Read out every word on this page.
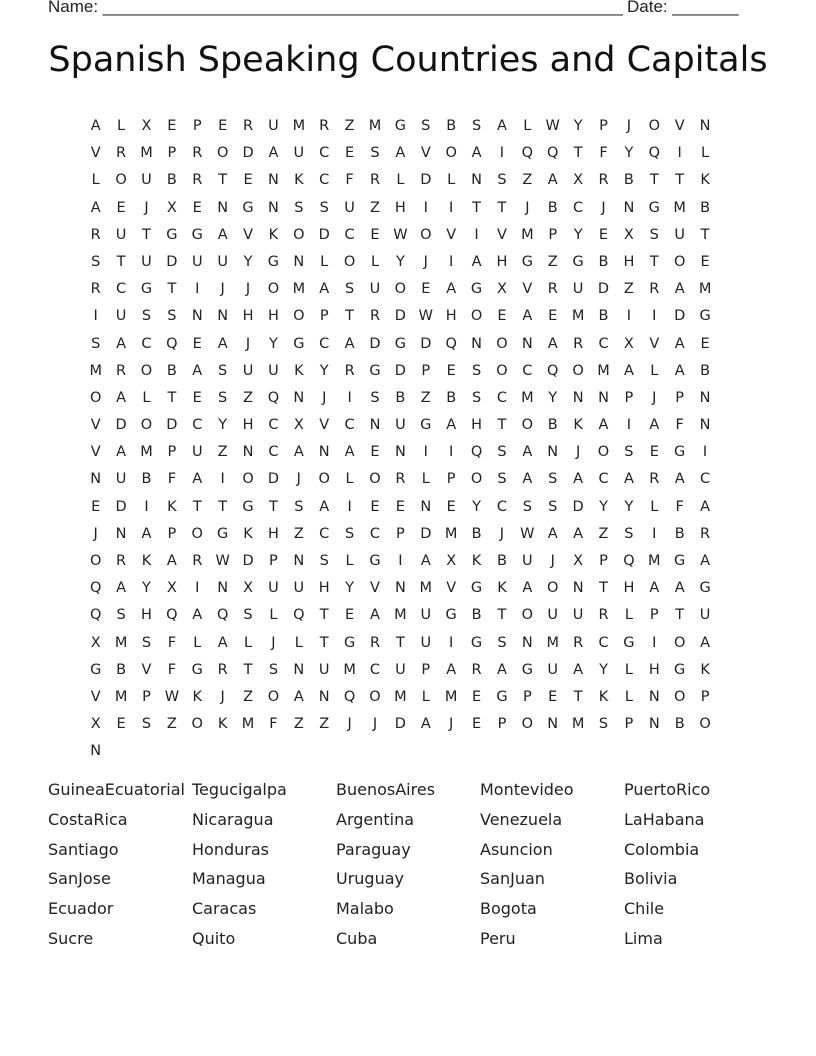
Name: _______________________________________________________ Date: _______
Spanish Speaking Countries and Capitals
A	L	X	E	P	E	R	U M R	Z M G	S	B	S	A	L W Y	P	J	O	V	N
V	R M	P	R	O D	A	U	C	E	S	A	V	O	A	I	Q Q	T	F	Y	Q	I	L
L	O U	B	R	T	E	N	K	C	F	R	L	D	L	N	S	Z	A	X	R	B	T	T	K
A	E	J	X	E	N G N	S	S	U	Z	H	I	I	T	T	J	B	C	J	N G M B
R	U	T	G G	A	V	K	O D	C	E W O	V	I	V M	P	Y	E	X	S	U	T
S	T	U	D U	U	Y	G N	L	O	L	Y	J	I	A	H G	Z	G	B	H	T	O	E
R	C	G	T	I	J	J	O M A	S	U O	E	A	G	X	V	R	U	D	Z	R	A M
I	U	S	S	N	N	H H O	P	T	R	D W H O	E	A	E	M B	I	I	D G
S	A	C	Q	E	A	J	Y	G	C	A	D G D Q N O N	A	R	C	X	V	A	E
M R	O	B	A	S	U	U	K	Y	R	G D	P	E	S	O	C	Q O M A	L	A	B
O	A	L	T	E	S	Z	Q N	J	I	S	B	Z	B	S	C M	Y	N	N	P	J	P	N
V	D O D	C	Y	H	C	X	V	C	N	U G	A	H	T	O	B	K	A	I	A	F	N
V	A M	P	U	Z	N	C	A	N	A	E	N	I	I	Q	S	A	N	J	O	S	E	G	I
N	U	B	F	A	I	O D	J	O	L	O	R	L	P	O	S	A	S	A	C	A	R	A	C
E	D	I	K	T	T	G	T	S	A	I	E	E	N	E	Y	C	S	S	D	Y	Y	L	F	A
J	N	A	P	O G	K	H	Z	C	S	C	P	D M B	J	W A	A	Z	S	I	B	R
O	R	K	A	R W D	P	N	S	L	G	I	A	X	K	B	U	J	X	P	Q M G	A
Q	A	Y	X	I	N	X	U	U	H	Y	V	N M V	G	K	A	O N	T	H	A	A	G
Q	S	H Q	A	Q	S	L	Q	T	E	A M U G	B	T	O U	U	R	L	P	T	U
X M	S	F	L	A	L	J	L	T	G	R	T	U	I	G	S	N M R	C	G	I	O	A
G	B	V	F	G	R	T	S	N	U M C	U	P	A	R	A	G U	A	Y	L	H G	K
V M	P W K	J	Z	O	A	N Q O M	L	M	E	G	P	E	T	K	L	N O	P
X	E	S	Z	O	K M	F	Z	Z	J	J	D	A	J	E	P	O N M	S	P	N	B	O
N
GuineaEcuatorial Tegucigalpa	BuenosAires	Montevideo	PuertoRico
CostaRica	Nicaragua	Argentina	Venezuela	LaHabana
Santiago	Honduras	Paraguay	Asuncion	Colombia
SanJose	Managua	Uruguay	SanJuan	Bolivia
Ecuador	Caracas	Malabo	Bogota	Chile
Sucre	Quito	Cuba	Peru	Lima
